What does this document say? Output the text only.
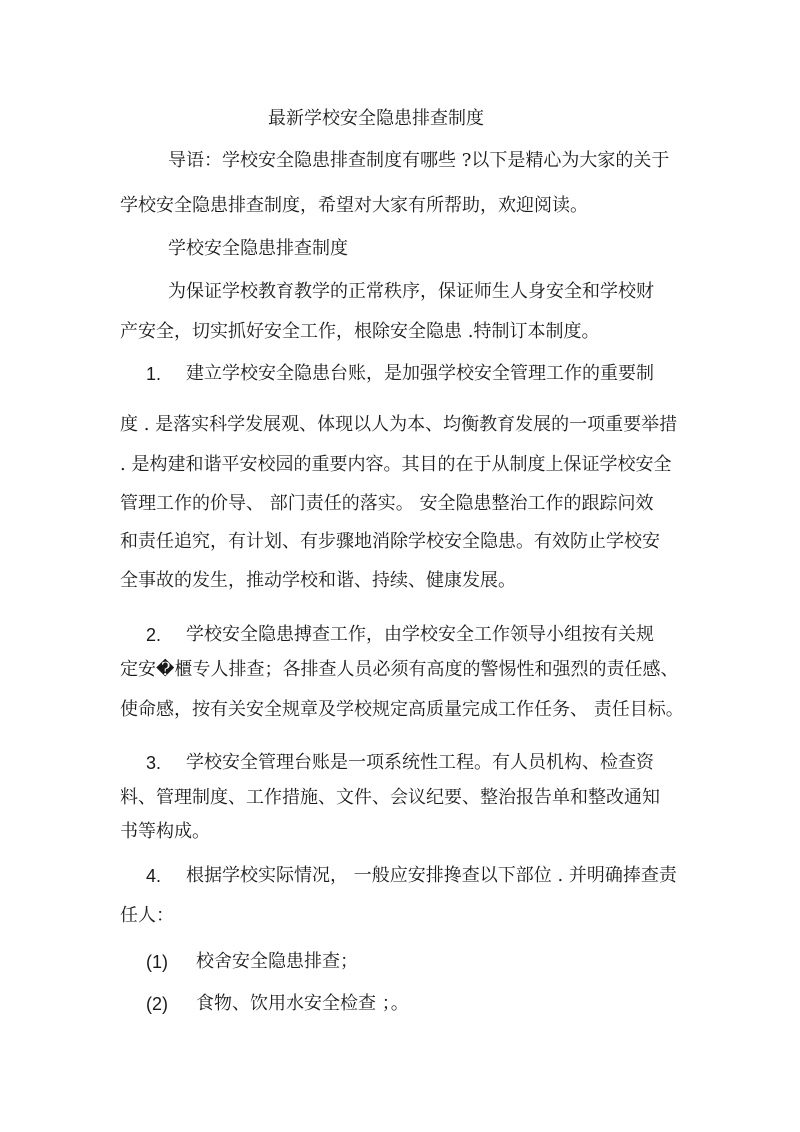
最新学校安全隐患排查制度
导语：学校安全隐患排查制度有哪些 ?以下是精心为大家的关于
学校安全隐患排查制度，希望对大家有所帮助，欢迎阅读。
学校安全隐患排查制度
为保证学校教育教学的正常秩序，保证师生人身安全和学校财
产安全，切实抓好安全工作，根除安全隐患 .特制订本制度。
1. 建立学校安全隐患台账，是加强学校安全管理工作的重要制
度 . 是落实科学发展观、体现以人为本、均衡教育发展的一项重要举措
. 是构建和谐平安校园的重要内容。其目的在于从制度上保证学校安全
管理工作的价导、 部门责任的落实。 安全隐患整治工作的跟踪问效
和责任追究，有计划、有步骤地消除学校安全隐患。有效防止学校安
全事故的发生，推动学校和谐、持续、健康发展。
2. 学校安全隐患搏查工作，由学校安全工作领导小组按有关规
定安�櫃专人排查；各排查人员必须有高度的警惕性和强烈的责任感、
使命感，按有关安全规章及学校规定高质量完成工作任务、 责任目标。
3. 学校安全管理台账是一项系统性工程。有人员机构、检查资
料、管理制度、工作措施、文件、会议纪要、整治报告单和整改通知
书等构成。
4. 根据学校实际情况， 一般应安排搀查以下部位 . 并明确捧查责
任人：
(1) 校舍安全隐患排查；
(2) 食物、饮用水安全检查 ；。
